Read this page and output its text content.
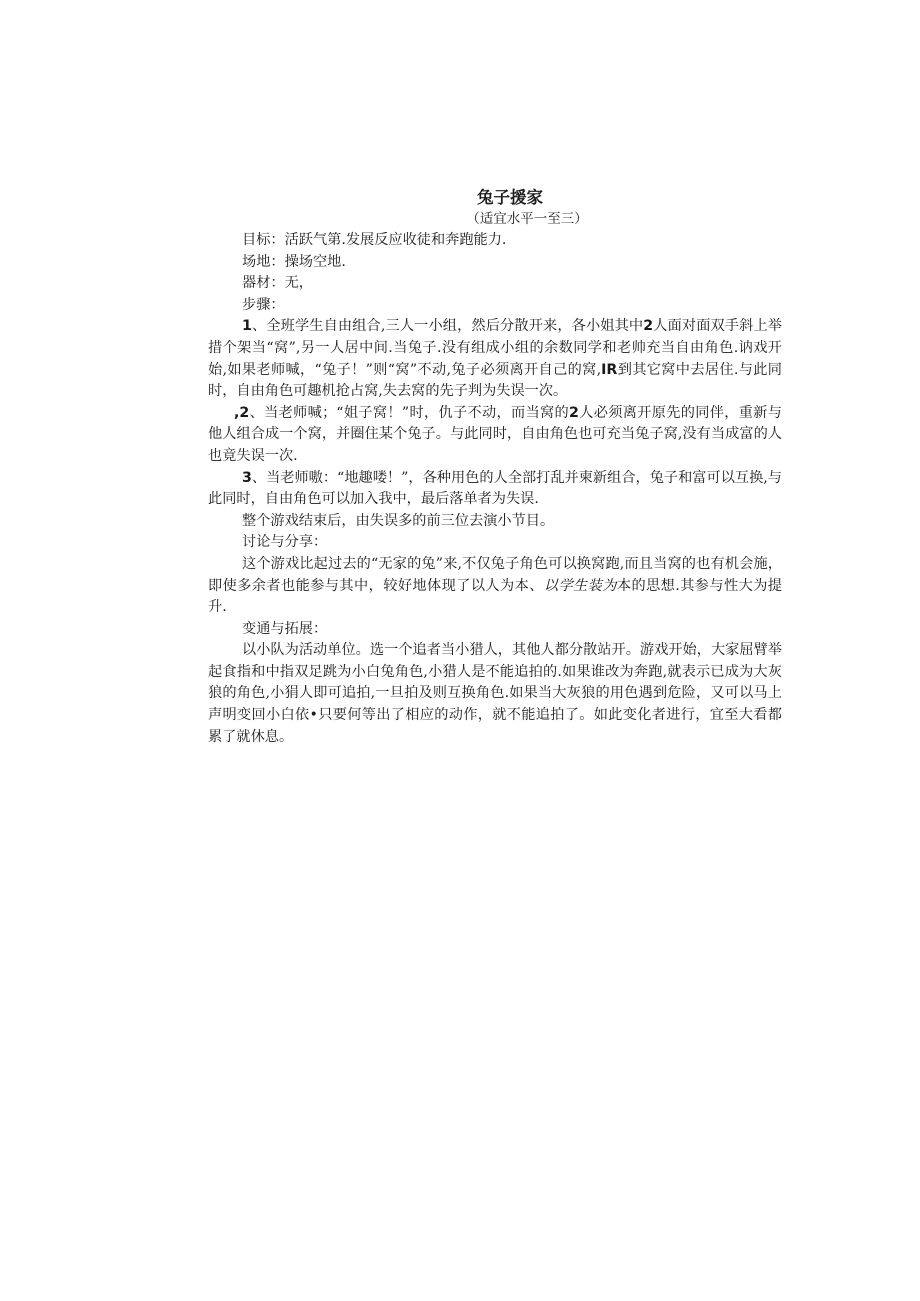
兔子援家
（适宜水平一至三）

目标：活跃气第.发展反应收徒和奔跑能力.

场地：操场空地.

器材：无，

步骤：

1、全班学生自由组合,三人一小组，然后分散开来，各小姐其中2人面对面双手斜上举措个架当“窝”,另一人居中间.当兔子.没有组成小组的余数同学和老帅充当自由角色.讷戏开始,如果老师喊，“兔子！”则“窝”不动,兔子必须离开自己的窝,IR到其它窝中去居住.与此同时，自由角色可趣机抢占窝,失去窝的先子判为失误一次。

,2、当老师喊；“姐子窝！”时，仇子不动，而当窝的2人必须离开原先的同伴，重新与他人组合成一个窝，并圈住某个兔子。与此同时，自由角色也可充当兔子窝,没有当成富的人也竟失误一次.

3、当老师嗷：“地趣喽！”，各种用色的人全部打乱并柬新组合，兔子和富可以互换,与此同时，自由角色可以加入我中，最后落单者为失误.

整个游戏结束后，由失误多的前三位去演小节目。

讨论与分享：

这个游戏比起过去的“无家的兔”来,不仅兔子角色可以换窝跑,而且当窝的也有机会施，即使多余者也能参与其中，较好地体现了以人为本、以学生装为本的思想.其参与性大为提升.

变通与拓展：

以小队为活动单位。选一个追者当小猎人，其他人都分散站开。游戏开始，大家屈臂举起食指和中指双足跳为小白兔角色,小猎人是不能追拍的.如果谁改为奔跑,就表示已成为大灰狼的角色,小狷人即可追拍,一旦拍及则互换角色.如果当大灰狼的用色遇到危险，又可以马上声明变回小白依•只要何等出了相应的动作，就不能追拍了。如此变化者进行，宜至大看都累了就休息。
